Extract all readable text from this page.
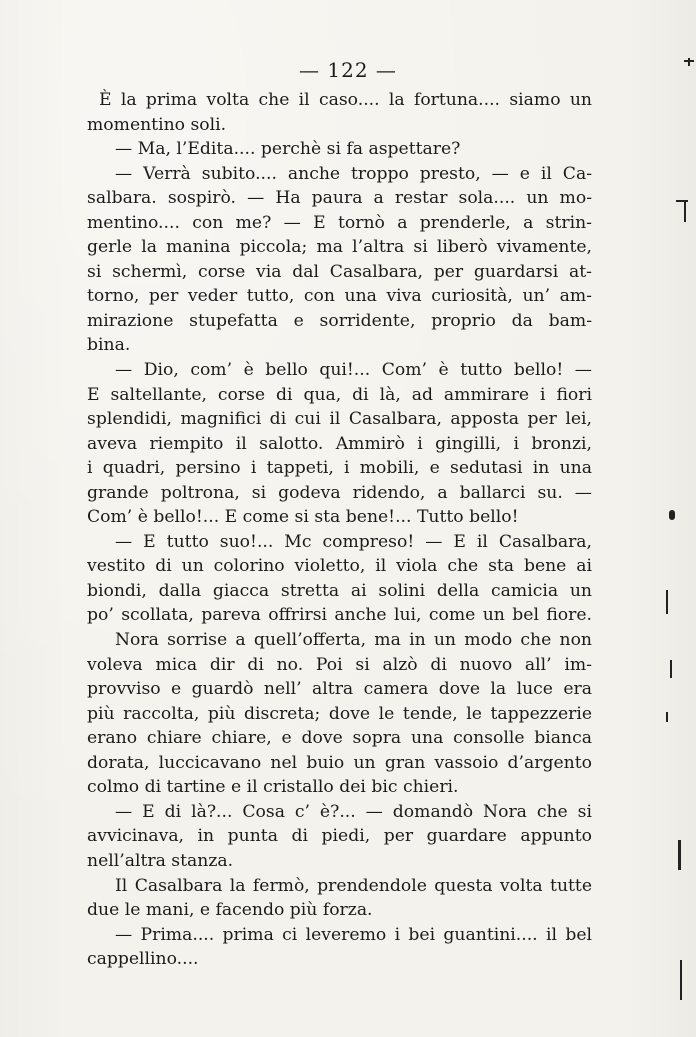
— 122 —
È la prima volta che il caso.... la fortuna.... siamo un
momentino soli.
— Ma, l’Edita.... perchè si fa aspettare?
— Verrà subito.... anche troppo presto, — e il Ca-
salbara. sospirò. — Ha paura a restar sola.... un mo-
mentino.... con me? — E tornò a prenderle, a strin-
gerle la manina piccola; ma l’altra si liberò vivamente,
si schermì, corse via dal Casalbara, per guardarsi at-
torno, per veder tutto, con una viva curiosità, un’ am-
mirazione stupefatta e sorridente, proprio da bam-
bina.
— Dio, com’ è bello qui!... Com’ è tutto bello! —
E saltellante, corse di qua, di là, ad ammirare i fiori
splendidi, magnifici di cui il Casalbara, apposta per lei,
aveva riempito il salotto. Ammirò i gingilli, i bronzi,
i quadri, persino i tappeti, i mobili, e sedutasi in una
grande poltrona, si godeva ridendo, a ballarci su. —
Com’ è bello!... E come si sta bene!... Tutto bello!
— E tutto suo!... Mc compreso! — E il Casalbara,
vestito di un colorino violetto, il viola che sta bene ai
biondi, dalla giacca stretta ai solini della camicia un
po’ scollata, pareva offrirsi anche lui, come un bel fiore.
Nora sorrise a quell’offerta, ma in un modo che non
voleva mica dir di no. Poi si alzò di nuovo all’ im-
provviso e guardò nell’ altra camera dove la luce era
più raccolta, più discreta; dove le tende, le tappezzerie
erano chiare chiare, e dove sopra una consolle bianca
dorata, luccicavano nel buio un gran vassoio d’argento
colmo di tartine e il cristallo dei bic chieri.
— E di là?... Cosa c’ è?... — domandò Nora che si
avvicinava, in punta di piedi, per guardare appunto
nell’altra stanza.
Il Casalbara la fermò, prendendole questa volta tutte
due le mani, e facendo più forza.
— Prima.... prima ci leveremo i bei guantini.... il bel
cappellino....
